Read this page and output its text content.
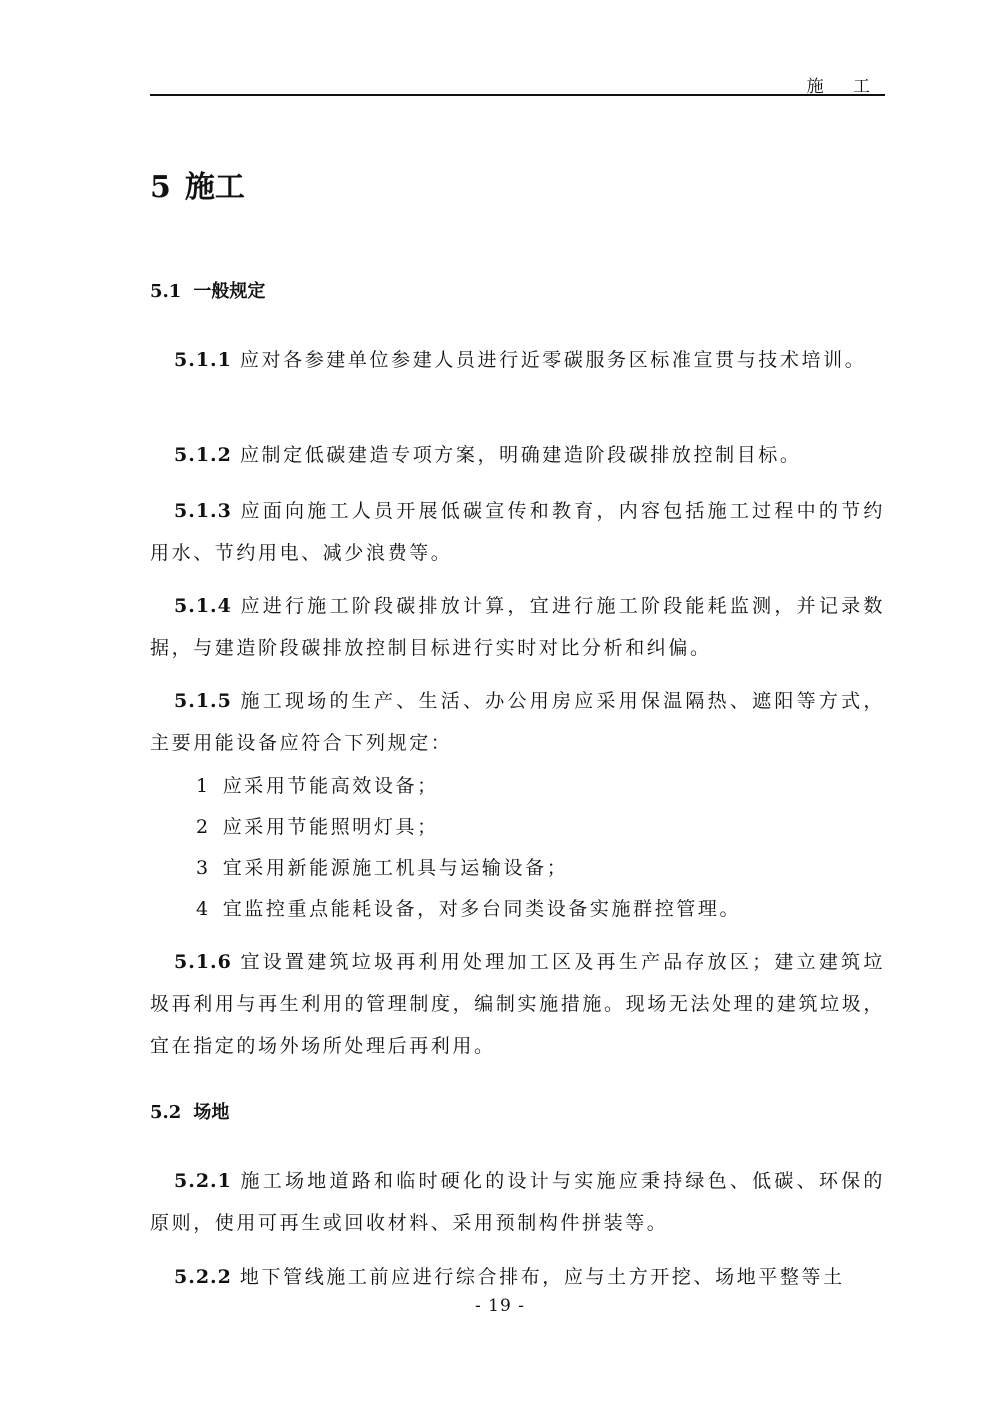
施 工
5 施工
5.1 一般规定

5.1.1 应对各参建单位参建人员进行近零碳服务区标准宣贯与技术培训。

5.1.2 应制定低碳建造专项方案，明确建造阶段碳排放控制目标。

5.1.3 应面向施工人员开展低碳宣传和教育，内容包括施工过程中的节约用水、节约用电、减少浪费等。

5.1.4 应进行施工阶段碳排放计算，宜进行施工阶段能耗监测，并记录数据，与建造阶段碳排放控制目标进行实时对比分析和纠偏。

5.1.5 施工现场的生产、生活、办公用房应采用保温隔热、遮阳等方式，主要用能设备应符合下列规定：

1 应采用节能高效设备；

2 应采用节能照明灯具；

3 宜采用新能源施工机具与运输设备；

4 宜监控重点能耗设备，对多台同类设备实施群控管理。

5.1.6 宜设置建筑垃圾再利用处理加工区及再生产品存放区；建立建筑垃圾再利用与再生利用的管理制度，编制实施措施。现场无法处理的建筑垃圾，宜在指定的场外场所处理后再利用。

5.2 场地

5.2.1 施工场地道路和临时硬化的设计与实施应秉持绿色、低碳、环保的原则，使用可再生或回收材料、采用预制构件拼装等。

5.2.2 地下管线施工前应进行综合排布，应与土方开挖、场地平整等土

- 19 -
